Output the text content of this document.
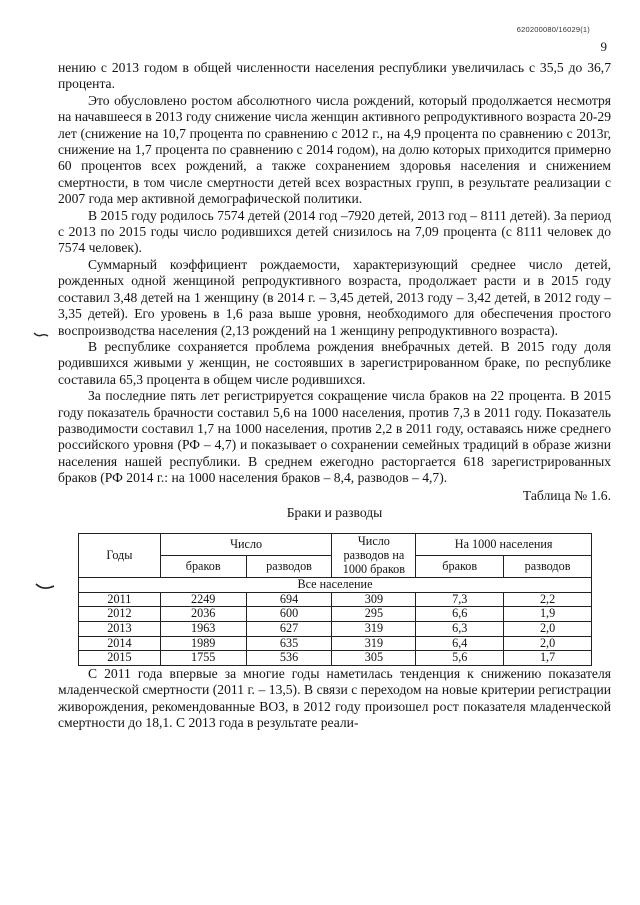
620200080/16029(1)
9

нению с 2013 годом в общей численности населения республики увеличилась с 35,5 до 36,7 процента.

Это обусловлено ростом абсолютного числа рождений, который продолжается несмотря на начавшееся в 2013 году снижение числа женщин активного репродуктивного возраста 20-29 лет (снижение на 10,7 процента по сравнению с 2012 г., на 4,9 процента по сравнению с 2013г, снижение на 1,7 процента по сравнению с 2014 годом), на долю которых приходится примерно 60 процентов всех рождений, а также сохранением здоровья населения и снижением смертности, в том числе смертности детей всех возрастных групп, в результате реализации с 2007 года мер активной демографической политики.

В 2015 году родилось 7574 детей (2014 год –7920 детей, 2013 год – 8111 детей). За период с 2013 по 2015 годы число родившихся детей снизилось на 7,09 процента (с 8111 человек до 7574 человек).

Суммарный коэффициент рождаемости, характеризующий среднее число детей, рожденных одной женщиной репродуктивного возраста, продолжает расти и в 2015 году составил 3,48 детей на 1 женщину (в 2014 г. – 3,45 детей, 2013 году – 3,42 детей, в 2012 году – 3,35 детей). Его уровень в 1,6 раза выше уровня, необходимого для обеспечения простого воспроизводства населения (2,13 рождений на 1 женщину репродуктивного возраста).

В республике сохраняется проблема рождения внебрачных детей. В 2015 году доля родившихся живыми у женщин, не состоявших в зарегистрированном браке, по республике составила 65,3 процента в общем числе родившихся.

За последние пять лет регистрируется сокращение числа браков на 22 процента. В 2015 году показатель брачности составил 5,6 на 1000 населения, против 7,3 в 2011 году. Показатель разводимости составил 1,7 на 1000 населения, против 2,2 в 2011 году, оставаясь ниже среднего российского уровня (РФ – 4,7) и показывает о сохранении семейных традиций в образе жизни населения нашей республики. В среднем ежегодно расторгается 618 зарегистрированных браков (РФ 2014 г.: на 1000 населения браков – 8,4, разводов – 4,7).

Таблица № 1.6.
Браки и разводы
Годы	Число		Число разводов на 1000 браков	На 1000 населения	
	браков	разводов		браков	разводов
Все население					
2011	2249	694	309	7,3	2,2
2012	2036	600	295	6,6	1,9
2013	1963	627	319	6,3	2,0
2014	1989	635	319	6,4	2,0
2015	1755	536	305	5,6	1,7

С 2011 года впервые за многие годы наметилась тенденция к снижению показателя младенческой смертности (2011 г. – 13,5). В связи с переходом на новые критерии регистрации живорождения, рекомендованные ВОЗ, в 2012 году произошел рост показателя младенческой смертности до 18,1. С 2013 года в результате реали-
